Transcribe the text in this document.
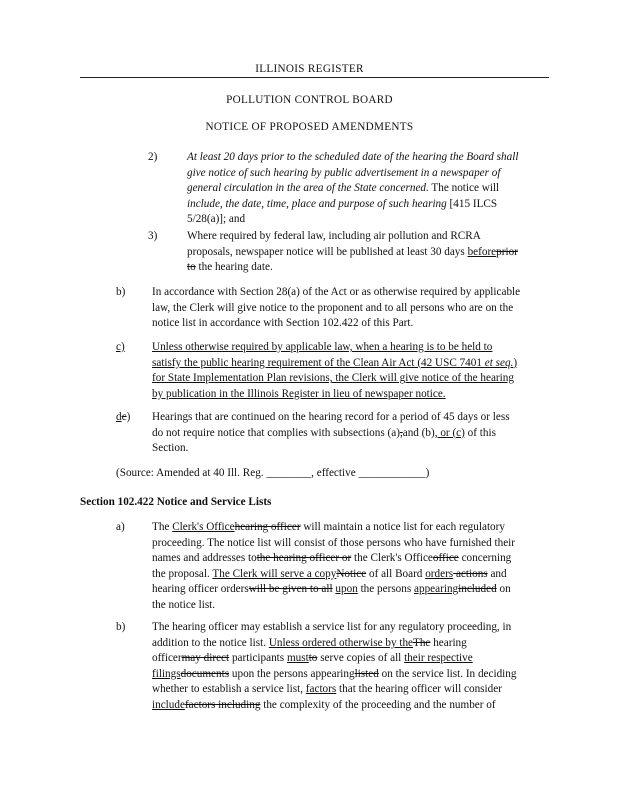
ILLINOIS REGISTER
POLLUTION CONTROL BOARD
NOTICE OF PROPOSED AMENDMENTS
2)	At least 20 days prior to the scheduled date of the hearing the Board shall

give notice of such hearing by public advertisement in a newspaper of

general circulation in the area of the State concerned. The notice will

include, the date, time, place and purpose of such hearing [415 ILCS

5/28(a)]; and

3)	Where required by federal law, including air pollution and RCRA

proposals, newspaper notice will be published at least 30 days beforeprior

to the hearing date.

b) In accordance with Section 28(a) of the Act or as otherwise required by applicable

law, the Clerk will give notice to the proponent and to all persons who are on the

notice list in accordance with Section 102.422 of this Part.

c) Unless otherwise required by applicable law, when a hearing is to be held to

satisfy the public hearing requirement of the Clean Air Act (42 USC 7401 et seq.)

for State Implementation Plan revisions, the Clerk will give notice of the hearing

by publication in the Illinois Register in lieu of newspaper notice.

dc) Hearings that are continued on the hearing record for a period of 45 days or less

do not require notice that complies with subsections (a),and (b), or (c) of this

Section.

(Source: Amended at 40 Ill. Reg. ________, effective ____________)
Section 102.422 Notice and Service Lists
a) The Clerk's Officehearing officer will maintain a notice list for each regulatory

proceeding. The notice list will consist of those persons who have furnished their

names and addresses tothe hearing officer or the Clerk's Officeoffice concerning

the proposal. The Clerk will serve a copyNotice of all Board orders actions and

hearing officer orderswill be given to all upon the persons appearingincluded on

the notice list.

b) The hearing officer may establish a service list for any regulatory proceeding, in

addition to the notice list. Unless ordered otherwise by theThe hearing

officermay direct participants mustto serve copies of all their respective

filingsdocuments upon the persons appearinglisted on the service list. In deciding

whether to establish a service list, factors that the hearing officer will consider

includefactors including the complexity of the proceeding and the number of
